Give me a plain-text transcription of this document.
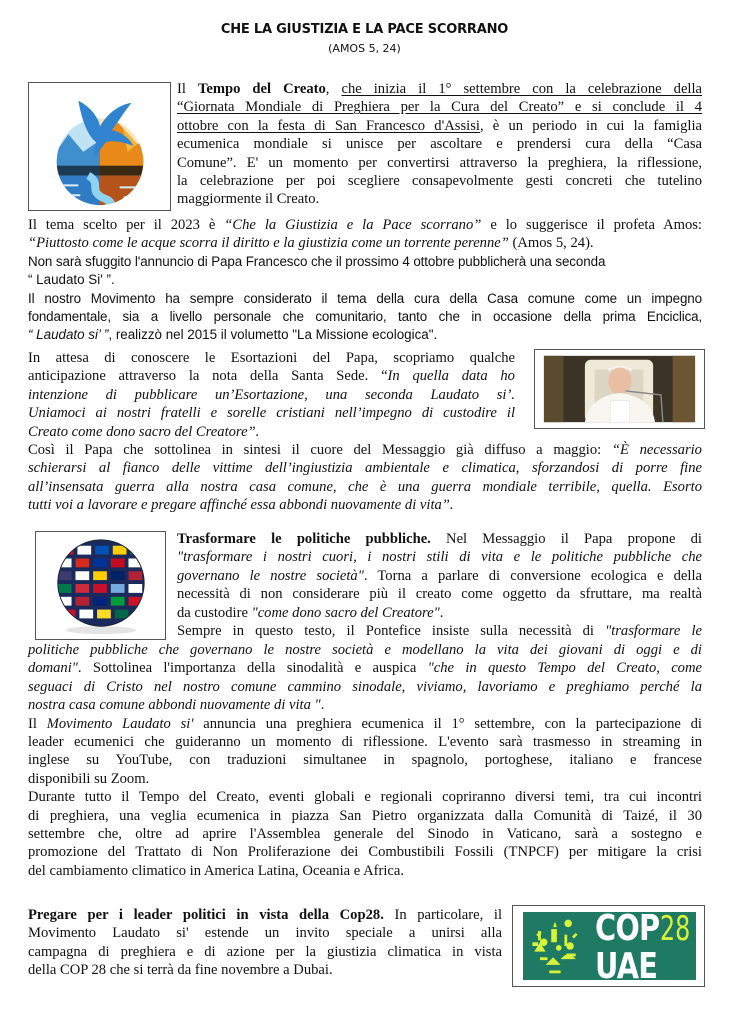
CHE LA GIUSTIZIA E LA PACE SCORRANO
(AMOS 5, 24)
Il Tempo del Creato, che inizia il 1° settembre con la celebrazione della
“Giornata Mondiale di Preghiera per la Cura del Creato” e si conclude il 4
ottobre con la festa di San Francesco d'Assisi, è un periodo in cui la famiglia
ecumenica mondiale si unisce per ascoltare e prendersi cura della “Casa
Comune”. E' un momento per convertirsi attraverso la preghiera, la riflessione,
la celebrazione per poi scegliere consapevolmente gesti concreti che tutelino
maggiormente il Creato.
Il tema scelto per il 2023 è “Che la Giustizia e la Pace scorrano” e lo suggerisce il profeta Amos:
“Piuttosto come le acque scorra il diritto e la giustizia come un torrente perenne” (Amos 5, 24).
Non sarà sfuggito l'annuncio di Papa Francesco che il prossimo 4 ottobre pubblicherà una seconda
“ Laudato Si' ”.
Il nostro Movimento ha sempre considerato il tema della cura della Casa comune come un impegno
fondamentale, sia a livello personale che comunitario, tanto che in occasione della prima Enciclica,
“ Laudato si’ ”, realizzò nel 2015 il volumetto "La Missione ecologica".
In attesa di conoscere le Esortazioni del Papa, scopriamo qualche
anticipazione attraverso la nota della Santa Sede. “In quella data ho
intenzione di pubblicare un’Esortazione, una seconda Laudato si’.
Uniamoci ai nostri fratelli e sorelle cristiani nell’impegno di custodire il
Creato come dono sacro del Creatore”.
Così il Papa che sottolinea in sintesi il cuore del Messaggio già diffuso a maggio: “È necessario
schierarsi al fianco delle vittime dell’ingiustizia ambientale e climatica, sforzandosi di porre fine
all’insensata guerra alla nostra casa comune, che è una guerra mondiale terribile, quella. Esorto
tutti voi a lavorare e pregare affinché essa abbondi nuovamente di vita”.
Trasformare le politiche pubbliche. Nel Messaggio il Papa propone di
"trasformare i nostri cuori, i nostri stili di vita e le politiche pubbliche che
governano le nostre società". Torna a parlare di conversione ecologica e della
necessità di non considerare più il creato come oggetto da sfruttare, ma realtà
da custodire "come dono sacro del Creatore".
Sempre in questo testo, il Pontefice insiste sulla necessità di "trasformare le
politiche pubbliche che governano le nostre società e modellano la vita dei giovani di oggi e di
domani". Sottolinea l'importanza della sinodalità e auspica "che in questo Tempo del Creato, come
seguaci di Cristo nel nostro comune cammino sinodale, viviamo, lavoriamo e preghiamo perché la
nostra casa comune abbondi nuovamente di vita ".
Il Movimento Laudato si' annuncia una preghiera ecumenica il 1° settembre, con la partecipazione di
leader ecumenici che guideranno un momento di riflessione. L'evento sarà trasmesso in streaming in
inglese su YouTube, con traduzioni simultanee in spagnolo, portoghese, italiano e francese
disponibili su Zoom.
Durante tutto il Tempo del Creato, eventi globali e regionali copriranno diversi temi, tra cui incontri
di preghiera, una veglia ecumenica in piazza San Pietro organizzata dalla Comunità di Taizé, il 30
settembre che, oltre ad aprire l'Assemblea generale del Sinodo in Vaticano, sarà a sostegno e
promozione del Trattato di Non Proliferazione dei Combustibili Fossili (TNPCF) per mitigare la crisi
del cambiamento climatico in America Latina, Oceania e Africa.
Pregare per i leader politici in vista della Cop28. In particolare, il
Movimento Laudato si' estende un invito speciale a unirsi alla
campagna di preghiera e di azione per la giustizia climatica in vista
della COP 28 che si terrà da fine novembre a Dubai.
COP 28
UAE
